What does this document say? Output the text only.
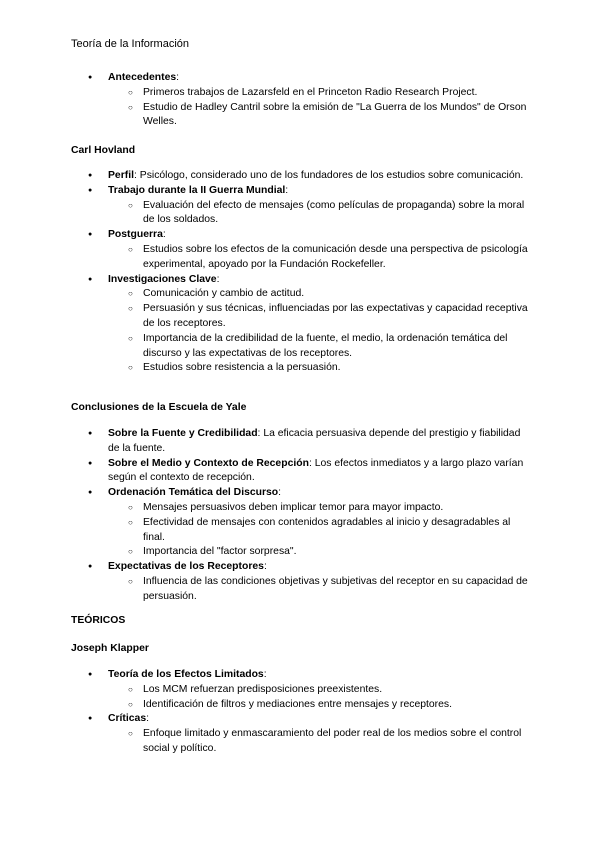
Teoría de la Información
● Antecedentes:
○ Primeros trabajos de Lazarsfeld en el Princeton Radio Research Project.
○ Estudio de Hadley Cantril sobre la emisión de "La Guerra de los Mundos" de Orson Welles.
Carl Hovland
● Perfil: Psicólogo, considerado uno de los fundadores de los estudios sobre comunicación.
● Trabajo durante la II Guerra Mundial:
○ Evaluación del efecto de mensajes (como películas de propaganda) sobre la moral de los soldados.
● Postguerra:
○ Estudios sobre los efectos de la comunicación desde una perspectiva de psicología experimental, apoyado por la Fundación Rockefeller.
● Investigaciones Clave:
○ Comunicación y cambio de actitud.
○ Persuasión y sus técnicas, influenciadas por las expectativas y capacidad receptiva de los receptores.
○ Importancia de la credibilidad de la fuente, el medio, la ordenación temática del discurso y las expectativas de los receptores.
○ Estudios sobre resistencia a la persuasión.
Conclusiones de la Escuela de Yale
● Sobre la Fuente y Credibilidad: La eficacia persuasiva depende del prestigio y fiabilidad de la fuente.
● Sobre el Medio y Contexto de Recepción: Los efectos inmediatos y a largo plazo varían según el contexto de recepción.
● Ordenación Temática del Discurso:
○ Mensajes persuasivos deben implicar temor para mayor impacto.
○ Efectividad de mensajes con contenidos agradables al inicio y desagradables al final.
○ Importancia del "factor sorpresa".
● Expectativas de los Receptores:
○ Influencia de las condiciones objetivas y subjetivas del receptor en su capacidad de persuasión.
TEÓRICOS
Joseph Klapper
● Teoría de los Efectos Limitados:
○ Los MCM refuerzan predisposiciones preexistentes.
○ Identificación de filtros y mediaciones entre mensajes y receptores.
● Críticas:
○ Enfoque limitado y enmascaramiento del poder real de los medios sobre el control social y político.
